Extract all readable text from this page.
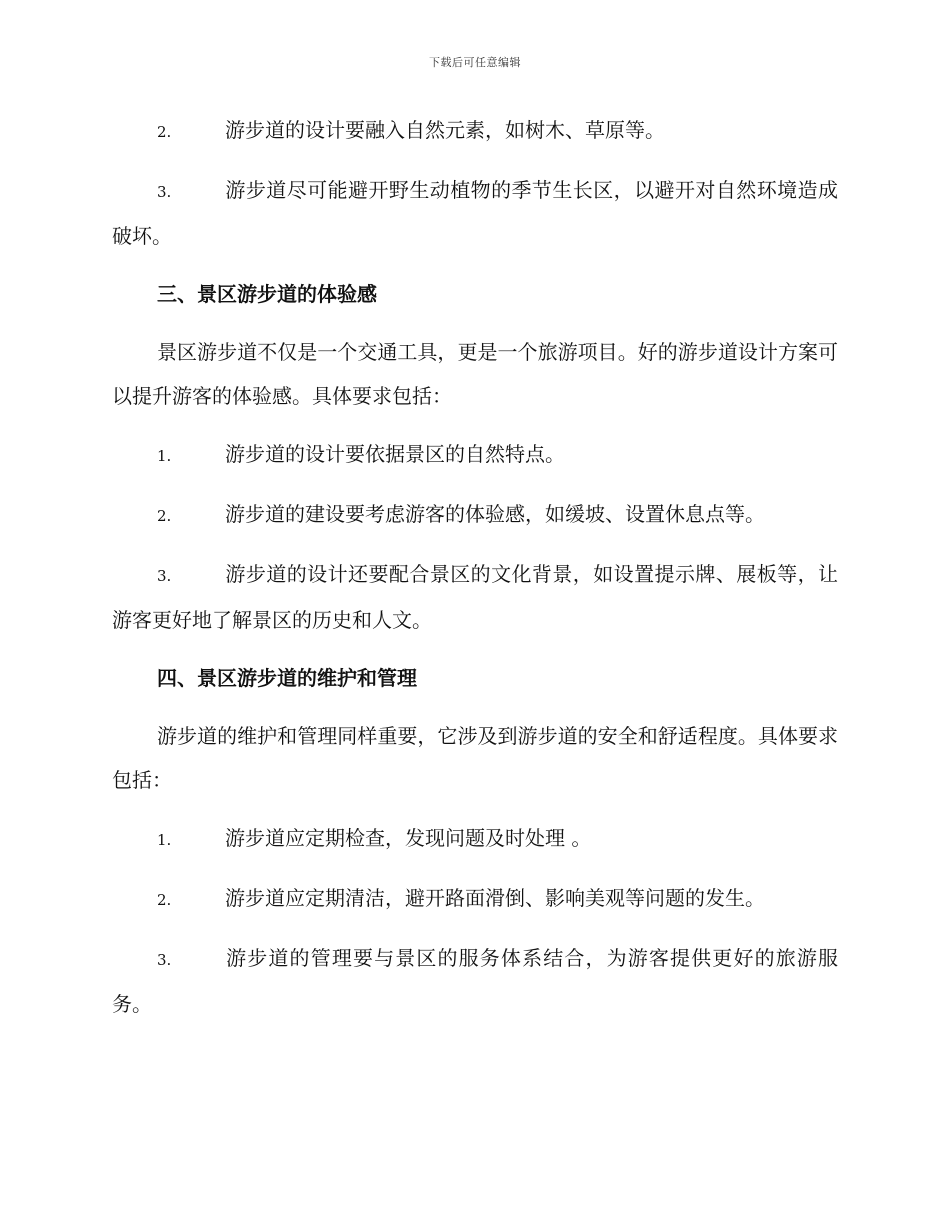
下载后可任意编辑

2.	游步道的设计要融入自然元素，如树木、草原等。

3.	游步道尽可能避开野生动植物的季节生长区，以避开对自然环境造成破坏。

三、景区游步道的体验感

景区游步道不仅是一个交通工具，更是一个旅游项目。好的游步道设计方案可以提升游客的体验感。具体要求包括：

1.	游步道的设计要依据景区的自然特点。

2.	游步道的建设要考虑游客的体验感，如缓坡、设置休息点等。

3.	游步道的设计还要配合景区的文化背景，如设置提示牌、展板等，让游客更好地了解景区的历史和人文。

四、景区游步道的维护和管理

游步道的维护和管理同样重要，它涉及到游步道的安全和舒适程度。具体要求包括：

1.	游步道应定期检查，发现问题及时处理 。

2.	游步道应定期清洁，避开路面滑倒、影响美观等问题的发生。

3.	游步道的管理要与景区的服务体系结合，为游客提供更好的旅游服务。
